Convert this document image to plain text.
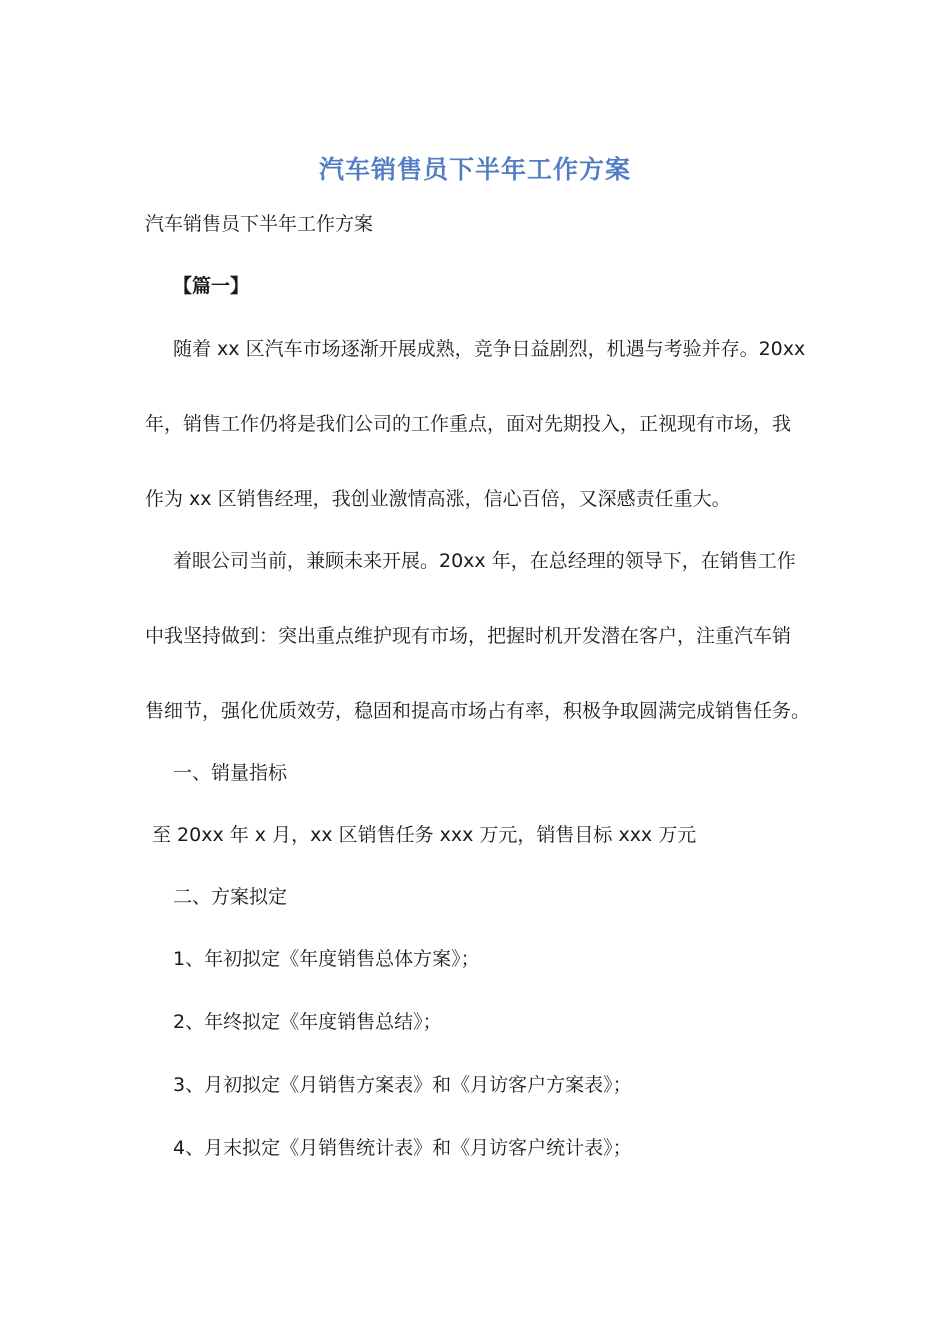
汽车销售员下半年工作方案
汽车销售员下半年工作方案
【篇一】
随着 xx 区汽车市场逐渐开展成熟，竞争日益剧烈，机遇与考验并存。20xx
年，销售工作仍将是我们公司的工作重点，面对先期投入，正视现有市场，我
作为 xx 区销售经理，我创业激情高涨，信心百倍，又深感责任重大。
着眼公司当前，兼顾未来开展。20xx 年，在总经理的领导下，在销售工作
中我坚持做到：突出重点维护现有市场，把握时机开发潜在客户，注重汽车销
售细节，强化优质效劳，稳固和提高市场占有率，积极争取圆满完成销售任务。
一、销量指标
至 20xx 年 x 月，xx 区销售任务 xxx 万元，销售目标 xxx 万元
二、方案拟定
1、年初拟定《年度销售总体方案》；
2、年终拟定《年度销售总结》；
3、月初拟定《月销售方案表》和《月访客户方案表》；
4、月末拟定《月销售统计表》和《月访客户统计表》；
